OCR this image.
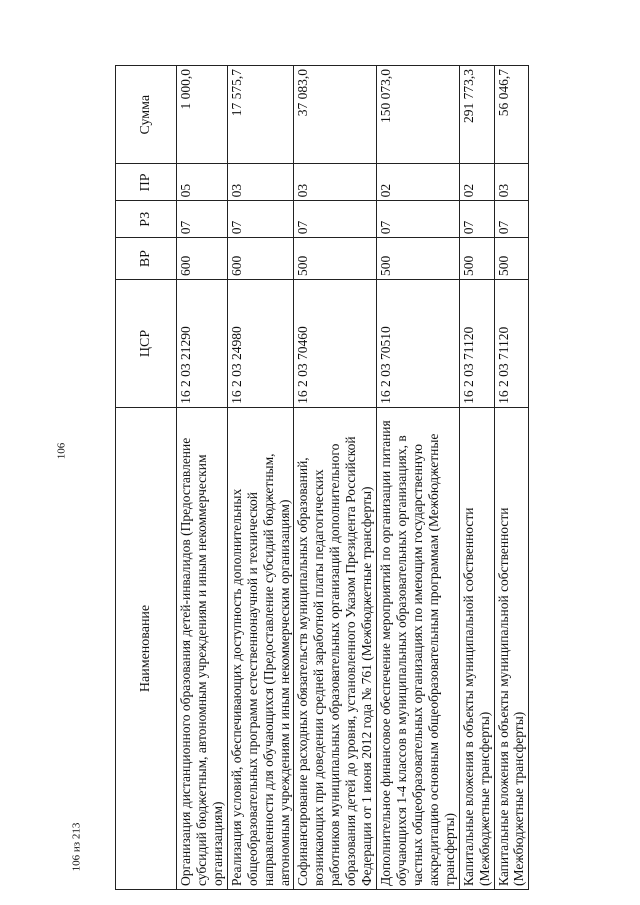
106
Наименование	ЦСР	ВР	РЗ	ПР	Сумма
Организация дистанционного образования детей-инвалидов (Предоставление субсидий бюджетным, автономным учреждениям и иным некоммерческим организациям)	16 2 03 21290	600	07	05	1 000,0
Реализация условий, обеспечивающих доступность дополнительных общеобразовательных программ естественнонаучной и технической направленности для обучающихся (Предоставление субсидий бюджетным, автономным учреждениям и иным некоммерческим организациям)	16 2 03 24980	600	07	03	17 575,7
Софинансирование расходных обязательств муниципальных образований, возникающих при доведении средней заработной платы педагогических работников муниципальных образовательных организаций дополнительного образования детей до уровня, установленного Указом Президента Российской Федерации от 1 июня 2012 года № 761 (Межбюджетные трансферты)	16 2 03 70460	500	07	03	37 083,0
Дополнительное финансовое обеспечение мероприятий по организации питания обучающихся 1-4 классов в муниципальных образовательных организациях, в частных общеобразовательных организациях по имеющим государственную аккредитацию основным общеобразовательным программам (Межбюджетные трансферты)	16 2 03 70510	500	07	02	150 073,0
Капитальные вложения в объекты муниципальной собственности (Межбюджетные трансферты)	16 2 03 71120	500	07	02	291 773,3
Капитальные вложения в объекты муниципальной собственности (Межбюджетные трансферты)	16 2 03 71120	500	07	03	56 046,7
106 из 213
